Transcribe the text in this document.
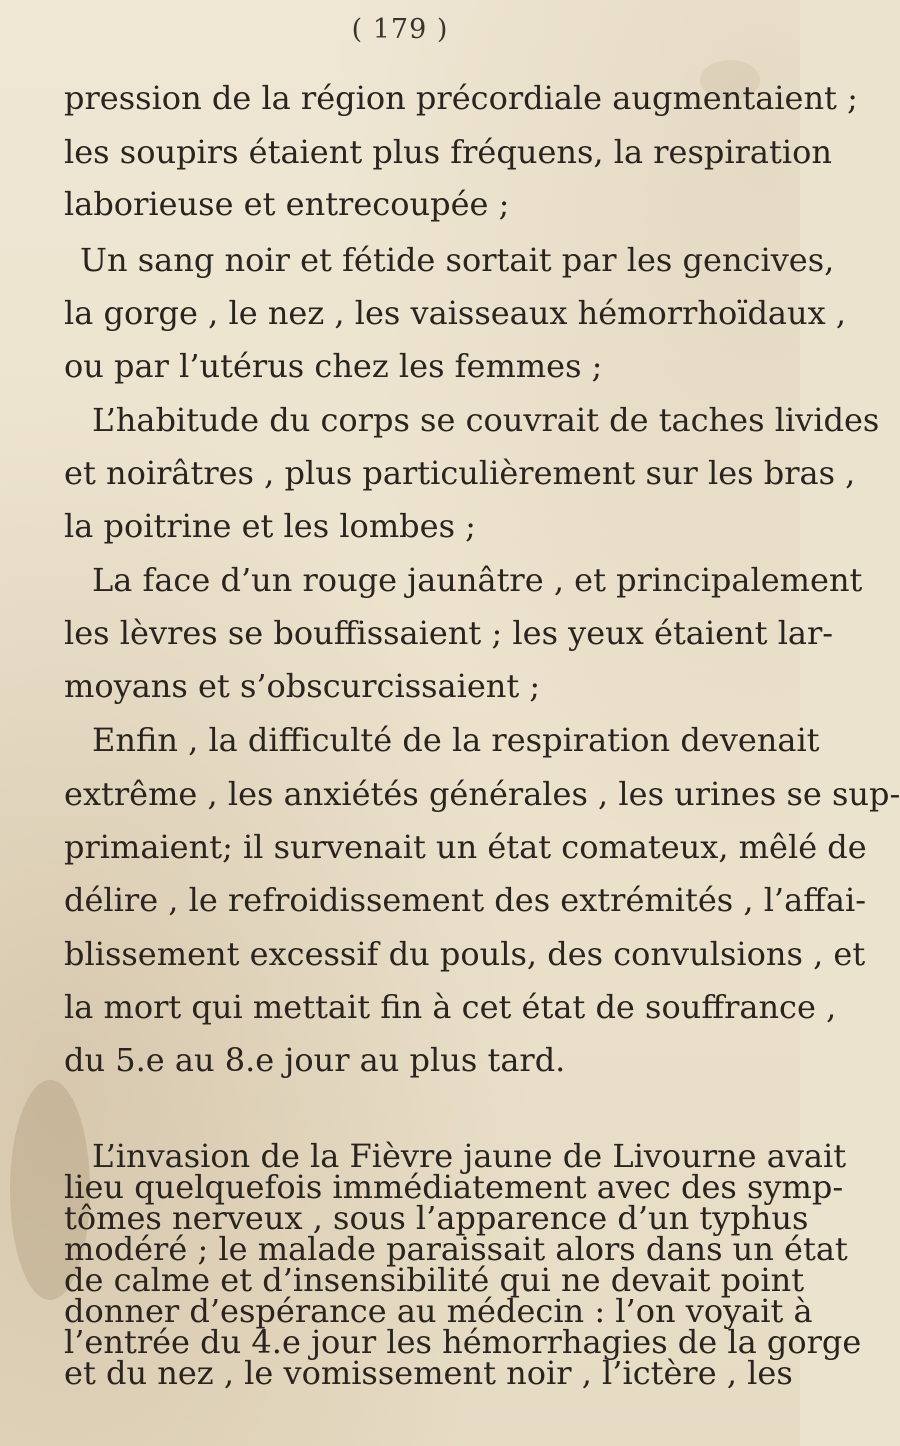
( 179 )
pression de la région précordiale augmentaient ;
les soupirs étaient plus fréquens, la respiration
laborieuse et entrecoupée ;
Un sang noir et fétide sortait par les gencives,
la gorge , le nez , les vaisseaux hémorrhoïdaux ,
ou par l’utérus chez les femmes ;
L’habitude du corps se couvrait de taches livides
et noirâtres , plus particulièrement sur les bras ,
la poitrine et les lombes ;
La face d’un rouge jaunâtre , et principalement
les lèvres se bouffissaient ; les yeux étaient lar-
moyans et s’obscurcissaient ;
Enfin , la difficulté de la respiration devenait
extrême , les anxiétés générales , les urines se sup-
primaient; il survenait un état comateux, mêlé de
délire , le refroidissement des extrémités , l’affai-
blissement excessif du pouls, des convulsions , et
la mort qui mettait fin à cet état de souffrance ,
du 5.e au 8.e jour au plus tard.
L’invasion de la Fièvre jaune de Livourne avait
lieu quelquefois immédiatement avec des symp-
tômes nerveux , sous l’apparence d’un typhus
modéré ; le malade paraissait alors dans un état
de calme et d’insensibilité qui ne devait point
donner d’espérance au médecin : l’on voyait à
l’entrée du 4.e jour les hémorrhagies de la gorge
et du nez , le vomissement noir , l’ictère , les
